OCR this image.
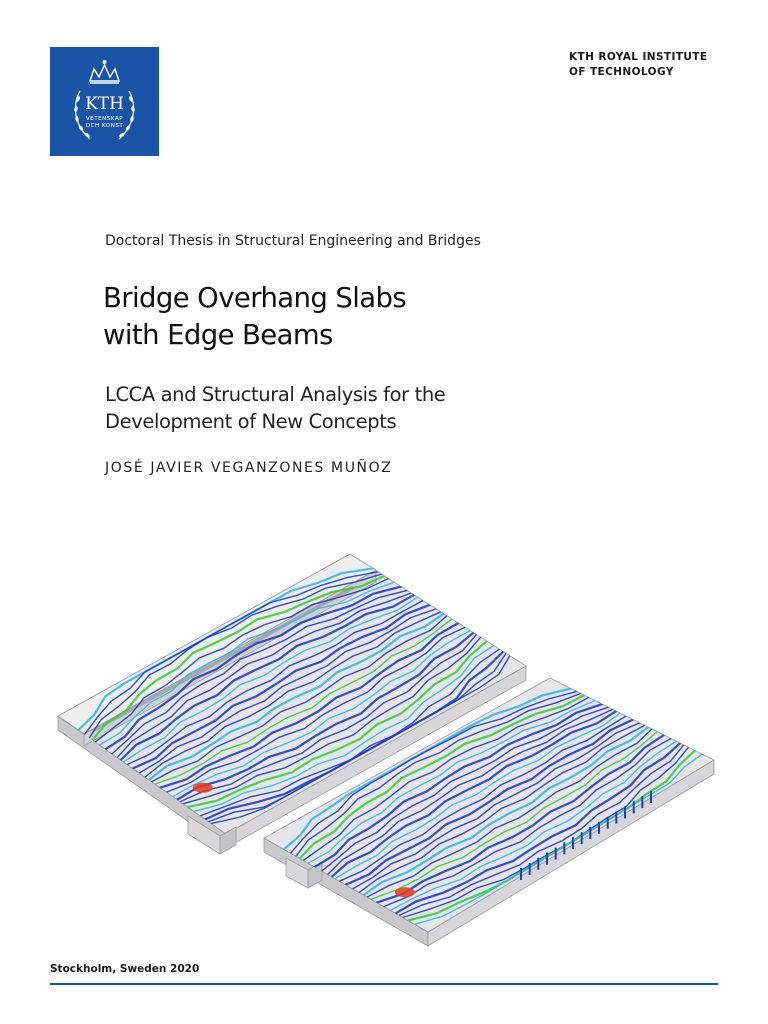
KTH
VETENSKAP
OCH KONST
KTH ROYAL INSTITUTE
OF TECHNOLOGY
Doctoral Thesis in Structural Engineering and Bridges
Bridge Overhang Slabs
with Edge Beams
LCCA and Structural Analysis for the
Development of New Concepts
JOSÉ JAVIER VEGANZONES MUÑOZ
Stockholm, Sweden 2020
